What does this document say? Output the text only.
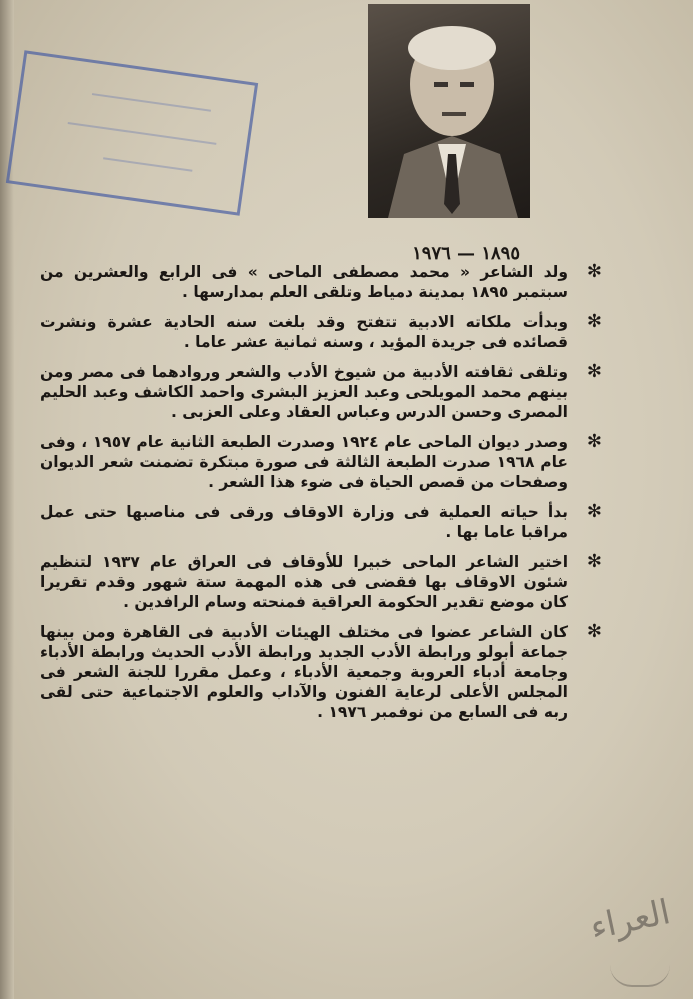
١٨٩٥ — ١٩٧٦
✻
ولد الشاعر « محمد مصطفى الماحى » فى الرابع والعشرين من سبتمبر ١٨٩٥ بمدينة دمياط وتلقى العلم بمدارسها .
✻
وبدأت ملكاته الادبية تتفتح وقد بلغت سنه الحادية عشرة ونشرت قصائده فى جريدة المؤيد ، وسنه ثمانية عشر عاما .
✻
وتلقى ثقافته الأدبية من شيوخ الأدب والشعر وروادهما فى مصر ومن بينهم محمد المويلحى وعبد العزيز البشرى واحمد الكاشف وعبد الحليم المصرى وحسن الدرس وعباس العقاد وعلى العزبى .
✻
وصدر ديوان الماحى عام ١٩٢٤ وصدرت الطبعة الثانية عام ١٩٥٧ ، وفى عام ١٩٦٨ صدرت الطبعة الثالثة فى صورة مبتكرة تضمنت شعر الديوان وصفحات من قصص الحياة فى ضوء هذا الشعر .
✻
بدأ حياته العملية فى وزارة الاوقاف ورقى فى مناصبها حتى عمل مراقبا عاما بها .
✻
اختير الشاعر الماحى خبيرا للأوقاف فى العراق عام ١٩٣٧ لتنظيم شئون الاوقاف بها فقضى فى هذه المهمة ستة شهور وقدم تقريرا كان موضع تقدير الحكومة العراقية فمنحته وسام الرافدين .
✻
كان الشاعر عضوا فى مختلف الهيئات الأدبية فى القاهرة ومن بينها جماعة أبولو ورابطة الأدب الجديد ورابطة الأدب الحديث ورابطة الأدباء وجامعة أدباء العروبة وجمعية الأدباء ، وعمل مقررا للجنة الشعر فى المجلس الأعلى لرعاية الفنون والآداب والعلوم الاجتماعية حتى لقى ربه فى السابع من نوفمبر ١٩٧٦ .
العراء
